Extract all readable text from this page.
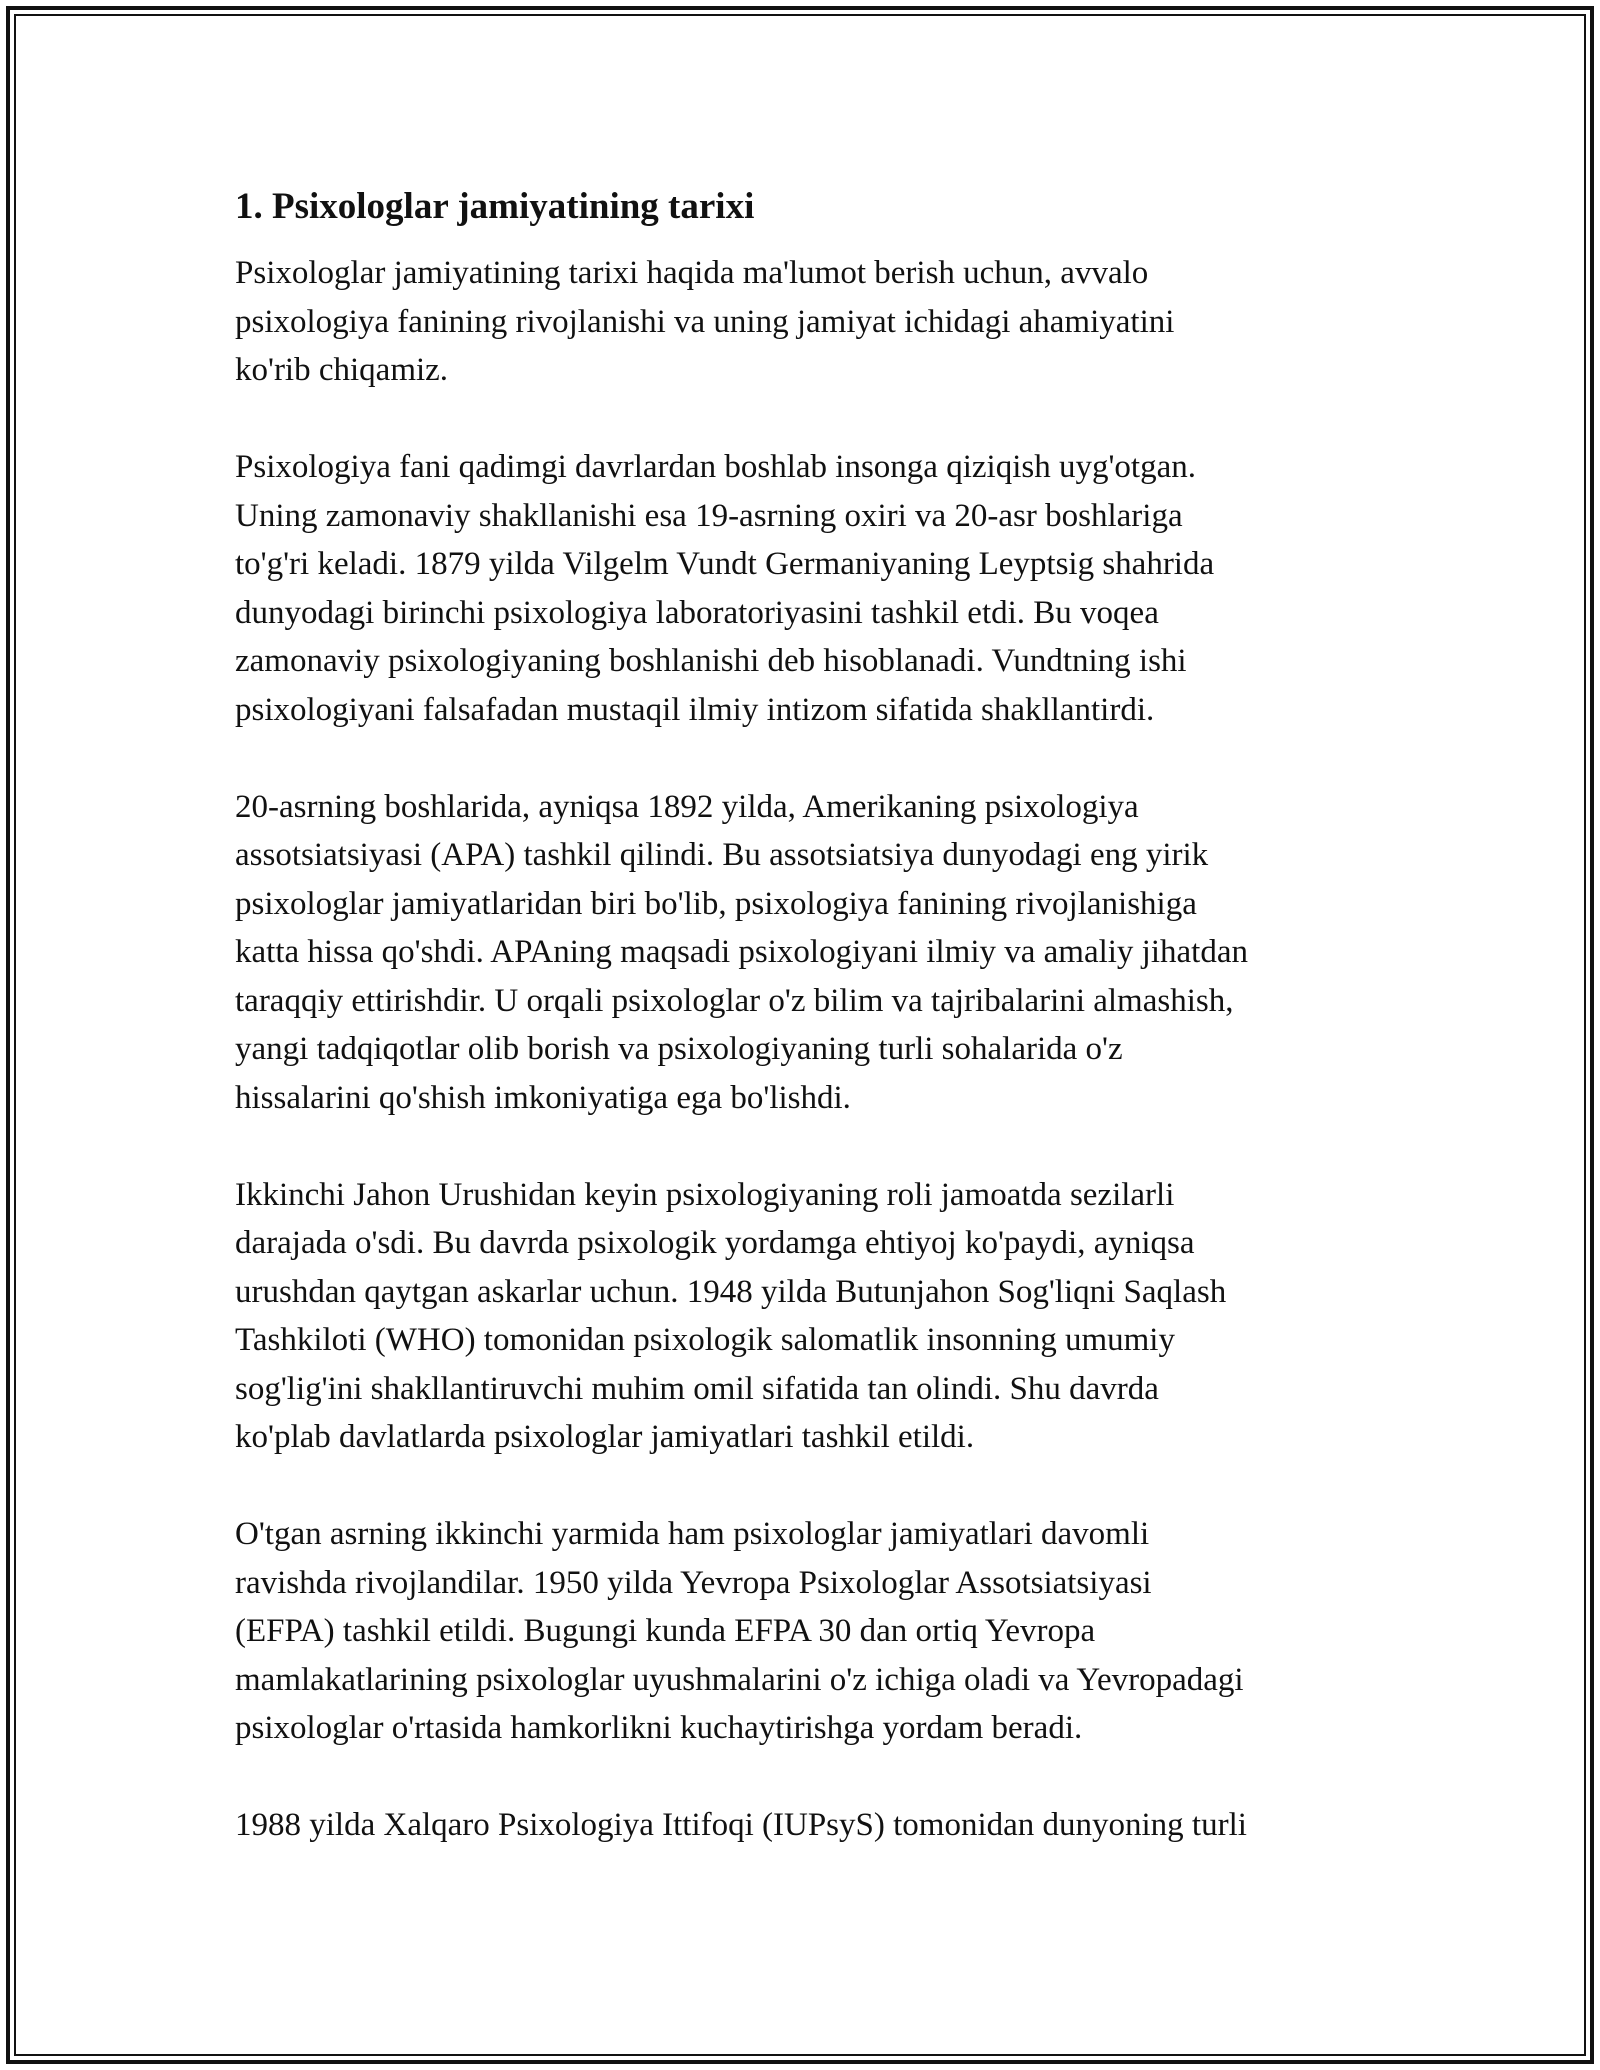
1. Psixologlar jamiyatining tarixi
Psixologlar jamiyatining tarixi haqida ma'lumot berish uchun, avvalo
psixologiya fanining rivojlanishi va uning jamiyat ichidagi ahamiyatini
ko'rib chiqamiz.
Psixologiya fani qadimgi davrlardan boshlab insonga qiziqish uyg'otgan.
Uning zamonaviy shakllanishi esa 19-asrning oxiri va 20-asr boshlariga
to'g'ri keladi. 1879 yilda Vilgelm Vundt Germaniyaning Leyptsig shahrida
dunyodagi birinchi psixologiya laboratoriyasini tashkil etdi. Bu voqea
zamonaviy psixologiyaning boshlanishi deb hisoblanadi. Vundtning ishi
psixologiyani falsafadan mustaqil ilmiy intizom sifatida shakllantirdi.
20-asrning boshlarida, ayniqsa 1892 yilda, Amerikaning psixologiya
assotsiatsiyasi (APA) tashkil qilindi. Bu assotsiatsiya dunyodagi eng yirik
psixologlar jamiyatlaridan biri bo'lib, psixologiya fanining rivojlanishiga
katta hissa qo'shdi. APAning maqsadi psixologiyani ilmiy va amaliy jihatdan
taraqqiy ettirishdir. U orqali psixologlar o'z bilim va tajribalarini almashish,
yangi tadqiqotlar olib borish va psixologiyaning turli sohalarida o'z
hissalarini qo'shish imkoniyatiga ega bo'lishdi.
Ikkinchi Jahon Urushidan keyin psixologiyaning roli jamoatda sezilarli
darajada o'sdi. Bu davrda psixologik yordamga ehtiyoj ko'paydi, ayniqsa
urushdan qaytgan askarlar uchun. 1948 yilda Butunjahon Sog'liqni Saqlash
Tashkiloti (WHO) tomonidan psixologik salomatlik insonning umumiy
sog'lig'ini shakllantiruvchi muhim omil sifatida tan olindi. Shu davrda
ko'plab davlatlarda psixologlar jamiyatlari tashkil etildi.
O'tgan asrning ikkinchi yarmida ham psixologlar jamiyatlari davomli
ravishda rivojlandilar. 1950 yilda Yevropa Psixologlar Assotsiatsiyasi
(EFPA) tashkil etildi. Bugungi kunda EFPA 30 dan ortiq Yevropa
mamlakatlarining psixologlar uyushmalarini o'z ichiga oladi va Yevropadagi
psixologlar o'rtasida hamkorlikni kuchaytirishga yordam beradi.
1988 yilda Xalqaro Psixologiya Ittifoqi (IUPsyS) tomonidan dunyoning turli
